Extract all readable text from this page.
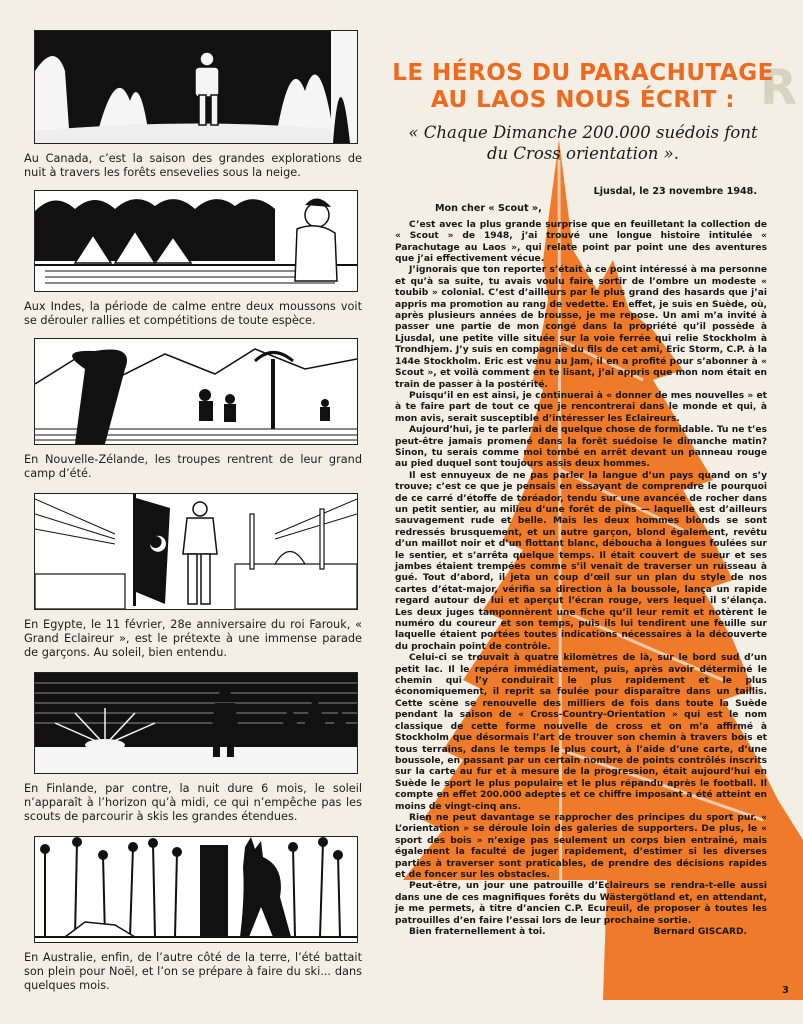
R

Au Canada, c’est la saison des grandes explorations de nuit à travers les forêts ensevelies sous la neige.

Aux Indes, la période de calme entre deux moussons voit se dérouler rallies et compétitions de toute espèce.

En Nouvelle-Zélande, les troupes rentrent de leur grand camp d’été.

En Egypte, le 11 février, 28e anniversaire du roi Farouk, « Grand Eclaireur », est le prétexte à une immense parade de garçons. Au soleil, bien entendu.

En Finlande, par contre, la nuit dure 6 mois, le soleil n’apparaît à l’horizon qu’à midi, ce qui n’empêche pas les scouts de parcourir à skis les grandes étendues.

En Australie, enfin, de l’autre côté de la terre, l’été battait son plein pour Noël, et l’on se prépare à faire du ski... dans quelques mois.

LE HÉROS DU PARACHUTAGE
AU LAOS NOUS ÉCRIT :

« Chaque Dimanche 200.000 suédois font
du Cross orientation ».

Ljusdal, le 23 novembre 1948.

Mon cher « Scout »,

C’est avec la plus grande surprise que en feuilletant la collection de « Scout » de 1948, j’ai trouvé une longue histoire intitulée « Parachutage au Laos », qui relate point par point une des aventures que j’ai effectivement vécue.

J’ignorais que ton reporter s’était à ce point intéressé à ma personne et qu’à sa suite, tu avais voulu faire sortir de l’ombre un modeste « toubib » colonial. C’est d’ailleurs par le plus grand des hasards que j’ai appris ma promotion au rang de vedette. En effet, je suis en Suède, où, après plusieurs années de brousse, je me repose. Un ami m’a invité à passer une partie de mon congé dans la propriété qu’il possède à Ljusdal, une petite ville située sur la voie ferrée qui relie Stockholm à Trondhjem. J’y suis en compagnie du fils de cet ami, Eric Storm, C.P. à la 144e Stockholm. Eric est venu au Jam, il en a profité pour s’abonner à « Scout », et voilà comment en te lisant, j’ai appris que mon nom était en train de passer à la postérité.

Puisqu’il en est ainsi, je continuerai à « donner de mes nouvelles » et à te faire part de tout ce que je rencontrerai dans le monde et qui, à mon avis, serait susceptible d’intéresser les Eclaireurs.

Aujourd’hui, je te parlerai de quelque chose de formidable. Tu ne t’es peut-être jamais promené dans la forêt suédoise le dimanche matin? Sinon, tu serais comme moi tombé en arrêt devant un panneau rouge au pied duquel sont toujours assis deux hommes.

Il est ennuyeux de ne pas parler la langue d’un pays quand on s’y trouve; c’est ce que je pensais en essayant de comprendre le pourquoi de ce carré d’étoffe de toréador, tendu sur une avancée de rocher dans un petit sentier, au milieu d’une forêt de pins — laquelle est d’ailleurs sauvagement rude et belle. Mais les deux hommes blonds se sont redressés brusquement, et un autre garçon, blond également, revêtu d’un maillot noir et d’un flottant blanc, déboucha à longues foulées sur le sentier, et s’arrêta quelque temps. Il était couvert de sueur et ses jambes étaient trempées comme s’il venait de traverser un ruisseau à gué. Tout d’abord, il jeta un coup d’œil sur un plan du style de nos cartes d’état-major, vérifia sa direction à la boussole, lança un rapide regard autour de lui et aperçut l’écran rouge, vers lequel il s’élança. Les deux juges tamponnèrent une fiche qu’il leur remit et notèrent le numéro du coureur et son temps, puis ils lui tendirent une feuille sur laquelle étaient portées toutes indications nécessaires à la découverte du prochain point de contrôle.

Celui-ci se trouvait à quatre kilomètres de là, sur le bord sud d’un petit lac. Il le repéra immédiatement, puis, après avoir déterminé le chemin qui l’y conduirait le plus rapidement et le plus économiquement, il reprit sa foulée pour disparaître dans un taillis. Cette scène se renouvelle des milliers de fois dans toute la Suède pendant la saison de « Cross-Country-Orientation » qui est le nom classique de cette forme nouvelle de cross et on m’a affirmé à Stockholm que désormais l’art de trouver son chemin à travers bois et tous terrains, dans le temps le plus court, à l’aide d’une carte, d’une boussole, en passant par un certain nombre de points contrôlés inscrits sur la carte au fur et à mesure de la progression, était aujourd’hui en Suède le sport le plus populaire et le plus répandu après le football. Il compte en effet 200.000 adeptes et ce chiffre imposant a été atteint en moins de vingt-cinq ans.

Rien ne peut davantage se rapprocher des principes du sport pur. « L’orientation » se déroule loin des galeries de supporters. De plus, le « sport des bois » n’exige pas seulement un corps bien entraîné, mais également la faculté de juger rapidement, d’estimer si les diverses parties à traverser sont praticables, de prendre des décisions rapides et de foncer sur les obstacles.

Peut-être, un jour une patrouille d’Eclaireurs se rendra-t-elle aussi dans une de ces magnifiques forêts du Wästergötland et, en attendant, je me permets, à titre d’ancien C.P. Ecureuil, de proposer à toutes les patrouilles d’en faire l’essai lors de leur prochaine sortie.

Bien fraternellement à toi.	Bernard GISCARD.

3
